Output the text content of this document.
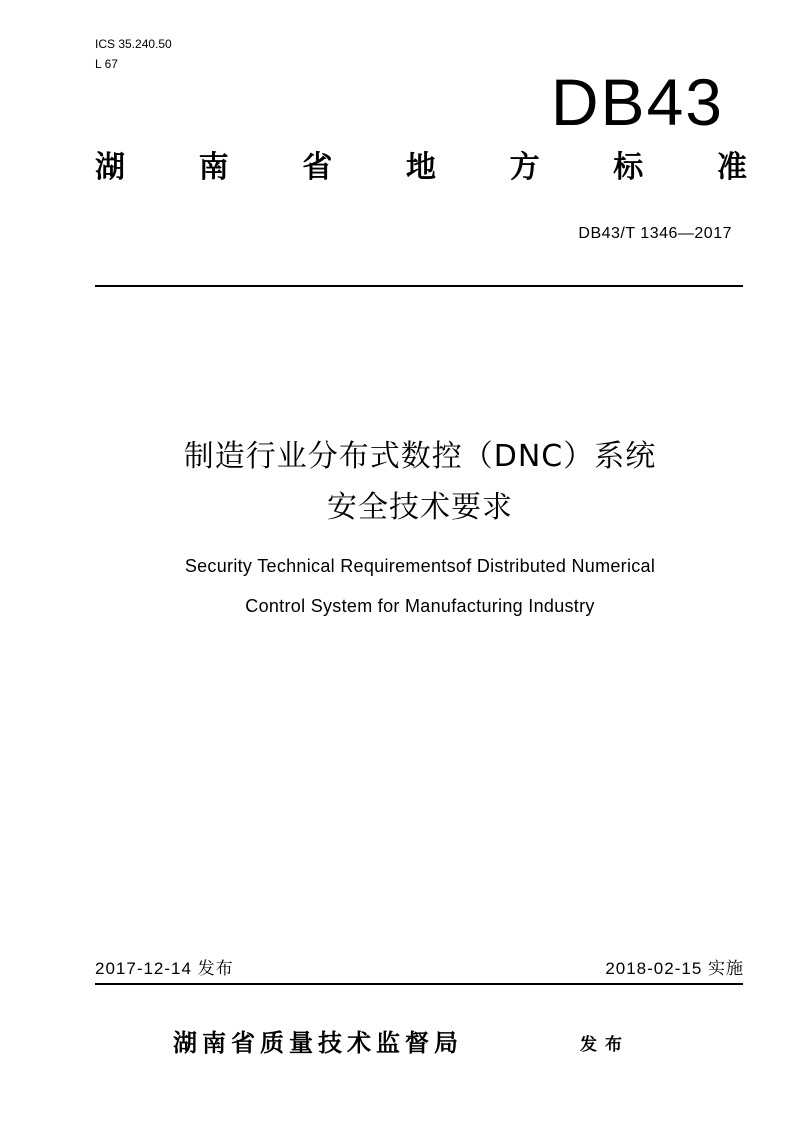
ICS 35.240.50
L 67
DB43
湖 南 省 地 方 标 准
DB43/T 1346—2017
制造行业分布式数控（DNC）系统
安全技术要求
Security Technical Requirementsof Distributed Numerical
Control System for Manufacturing Industry
2017-12-14 发布	2018-02-15 实施
湖南省质量技术监督局	发布
